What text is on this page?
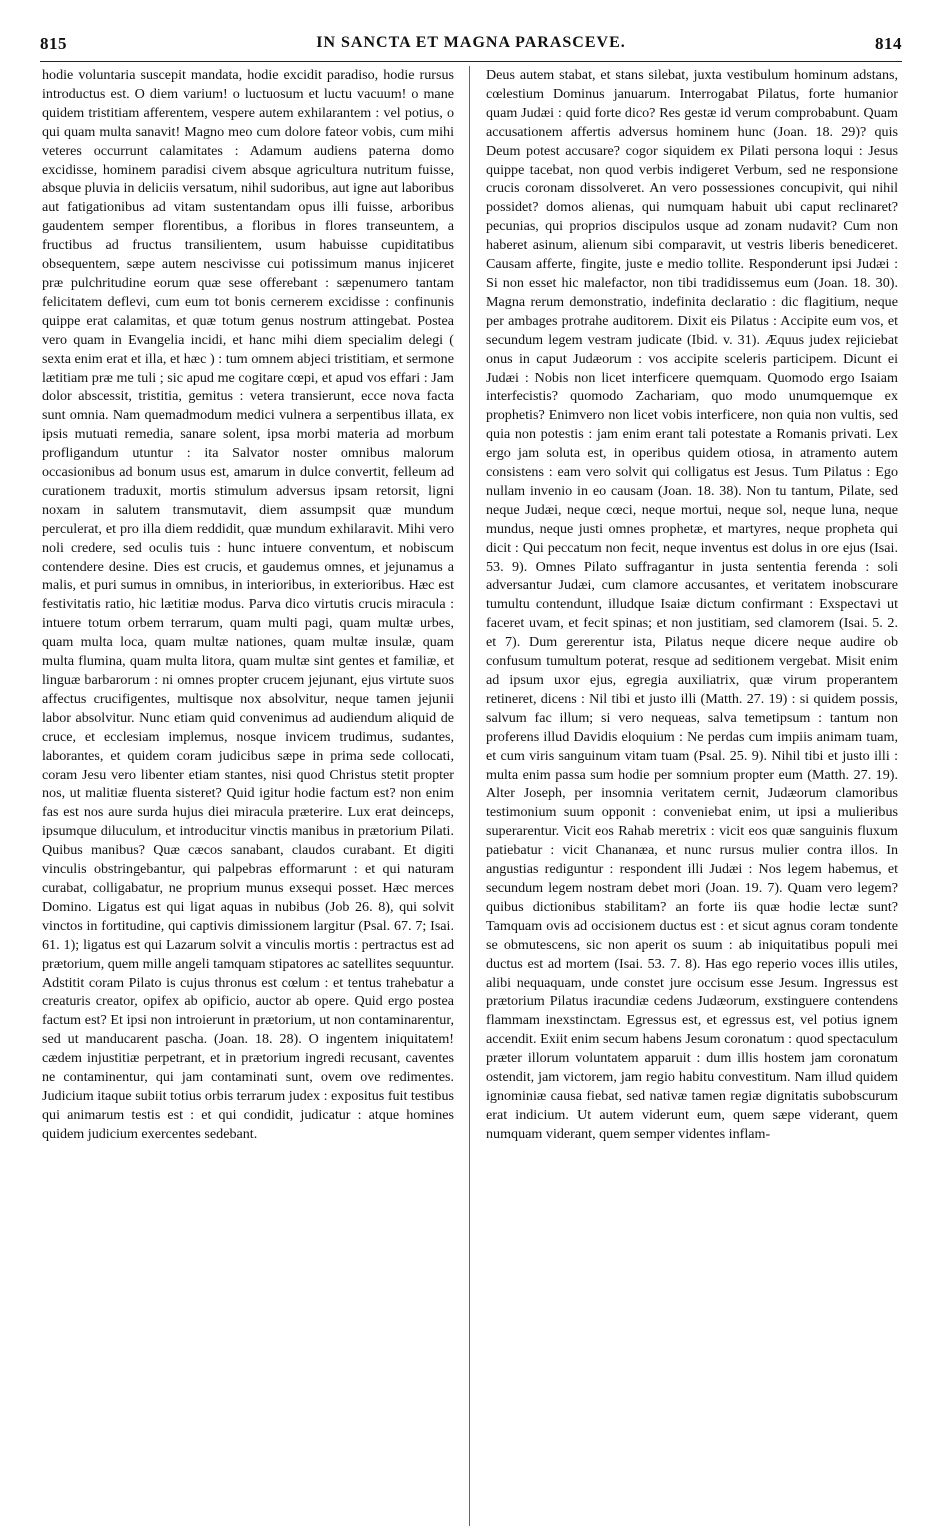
815	IN SANCTA ET MAGNA PARASCEVE.	814

hodie voluntaria suscepit mandata, hodie excidit paradiso, hodie rursus introductus est. O diem varium! o luctuosum et luctu vacuum! o mane quidem tristitiam afferentem, vespere autem exhilarantem : vel potius, o qui quam multa sanavit! Magno meo cum dolore fateor vobis, cum mihi veteres occurrunt calamitates : Adamum audiens paterna domo excidisse, hominem paradisi civem absque agricultura nutritum fuisse, absque pluvia in deliciis versatum, nihil sudoribus, aut igne aut laboribus aut fatigationibus ad vitam sustentandam opus illi fuisse, arboribus gaudentem semper florentibus, a floribus in flores transeuntem, a fructibus ad fructus transilientem, usum habuisse cupiditatibus obsequentem, sæpe autem nescivisse cui potissimum manus injiceret præ pulchritudine eorum quæ sese offerebant : sæpenumero tantam felicitatem deflevi, cum eum tot bonis cernerem excidisse : confinunis quippe erat calamitas, et quæ totum genus nostrum attingebat. Postea vero quam in Evangelia incidi, et hanc mihi diem specialim delegi ( sexta enim erat et illa, et hæc ) : tum omnem abjeci tristitiam, et sermone lætitiam præ me tuli ; sic apud me cogitare cœpi, et apud vos effari : Jam dolor abscessit, tristitia, gemitus : vetera transierunt, ecce nova facta sunt omnia. Nam quemadmodum medici vulnera a serpentibus illata, ex ipsis mutuati remedia, sanare solent, ipsa morbi materia ad morbum profligandum utuntur : ita Salvator noster omnibus malorum occasionibus ad bonum usus est, amarum in dulce convertit, felleum ad curationem traduxit, mortis stimulum adversus ipsam retorsit, ligni noxam in salutem transmutavit, diem assumpsit quæ mundum perculerat, et pro illa diem reddidit, quæ mundum exhilaravit. Mihi vero noli credere, sed oculis tuis : hunc intuere conventum, et nobiscum contendere desine. Dies est crucis, et gaudemus omnes, et jejunamus a malis, et puri sumus in omnibus, in interioribus, in exterioribus. Hæc est festivitatis ratio, hic lætitiæ modus. Parva dico virtutis crucis miracula : intuere totum orbem terrarum, quam multi pagi, quam multæ urbes, quam multa loca, quam multæ nationes, quam multæ insulæ, quam multa flumina, quam multa litora, quam multæ sint gentes et familiæ, et linguæ barbarorum : ni omnes propter crucem jejunant, ejus virtute suos affectus crucifigentes, multisque nox absolvitur, neque tamen jejunii labor absolvitur. Nunc etiam quid convenimus ad audiendum aliquid de cruce, et ecclesiam implemus, nosque invicem trudimus, sudantes, laborantes, et quidem coram judicibus sæpe in prima sede collocati, coram Jesu vero libenter etiam stantes, nisi quod Christus stetit propter nos, ut malitiæ fluenta sisteret? Quid igitur hodie factum est? non enim fas est nos aure surda hujus diei miracula præterire. Lux erat deinceps, ipsumque diluculum, et introducitur vinctis manibus in prætorium Pilati. Quibus manibus? Quæ cæcos sanabant, claudos curabant. Et digiti vinculis obstringebantur, qui palpebras efformarunt : et qui naturam curabat, colligabatur, ne proprium munus exsequi posset. Hæc merces Domino. Ligatus est qui ligat aquas in nubibus (Job 26. 8), qui solvit vinctos in fortitudine, qui captivis dimissionem largitur (Psal. 67. 7; Isai. 61. 1); ligatus est qui Lazarum solvit a vinculis mortis : pertractus est ad prætorium, quem mille angeli tamquam stipatores ac satellites sequuntur. Adstitit coram Pilato is cujus thronus est cœlum : et tentus trahebatur a creaturis creator, opifex ab opificio, auctor ab opere. Quid ergo postea factum est? Et ipsi non introierunt in prætorium, ut non contaminarentur, sed ut manducarent pascha. (Joan. 18. 28). O ingentem iniquitatem! cædem injustitiæ perpetrant, et in prætorium ingredi recusant, caventes ne contaminentur, qui jam contaminati sunt, ovem ove redimentes. Judicium itaque subiit totius orbis terrarum judex : expositus fuit testibus qui animarum testis est : et qui condidit, judicatur : atque homines quidem judicium exercentes sedebant.

Deus autem stabat, et stans silebat, juxta vestibulum hominum adstans, cœlestium Dominus januarum. Interrogabat Pilatus, forte humanior quam Judæi : quid forte dico? Res gestæ id verum comprobabunt. Quam accusationem affertis adversus hominem hunc (Joan. 18. 29)? quis Deum potest accusare? cogor siquidem ex Pilati persona loqui : Jesus quippe tacebat, non quod verbis indigeret Verbum, sed ne responsione crucis coronam dissolveret. An vero possessiones concupivit, qui nihil possidet? domos alienas, qui numquam habuit ubi caput reclinaret? pecunias, qui proprios discipulos usque ad zonam nudavit? Cum non haberet asinum, alienum sibi comparavit, ut vestris liberis benediceret. Causam afferte, fingite, juste e medio tollite. Responderunt ipsi Judæi : Si non esset hic malefactor, non tibi tradidissemus eum (Joan. 18. 30). Magna rerum demonstratio, indefinita declaratio : dic flagitium, neque per ambages protrahe auditorem. Dixit eis Pilatus : Accipite eum vos, et secundum legem vestram judicate (Ibid. v. 31). Æquus judex rejiciebat onus in caput Judæorum : vos accipite sceleris participem. Dicunt ei Judæi : Nobis non licet interficere quemquam. Quomodo ergo Isaiam interfecistis? quomodo Zachariam, quo modo unumquemque ex prophetis? Enimvero non licet vobis interficere, non quia non vultis, sed quia non potestis : jam enim erant tali potestate a Romanis privati. Lex ergo jam soluta est, in operibus quidem otiosa, in atramento autem consistens : eam vero solvit qui colligatus est Jesus. Tum Pilatus : Ego nullam invenio in eo causam (Joan. 18. 38). Non tu tantum, Pilate, sed neque Judæi, neque cœci, neque mortui, neque sol, neque luna, neque mundus, neque justi omnes prophetæ, et martyres, neque propheta qui dicit : Qui peccatum non fecit, neque inventus est dolus in ore ejus (Isai. 53. 9). Omnes Pilato suffragantur in justa sententia ferenda : soli adversantur Judæi, cum clamore accusantes, et veritatem inobscurare tumultu contendunt, illudque Isaiæ dictum confirmant : Exspectavi ut faceret uvam, et fecit spinas; et non justitiam, sed clamorem (Isai. 5. 2. et 7). Dum gererentur ista, Pilatus neque dicere neque audire ob confusum tumultum poterat, resque ad seditionem vergebat. Misit enim ad ipsum uxor ejus, egregia auxiliatrix, quæ virum properantem retineret, dicens : Nil tibi et justo illi (Matth. 27. 19) : si quidem possis, salvum fac illum; si vero nequeas, salva temetipsum : tantum non proferens illud Davidis eloquium : Ne perdas cum impiis animam tuam, et cum viris sanguinum vitam tuam (Psal. 25. 9). Nihil tibi et justo illi : multa enim passa sum hodie per somnium propter eum (Matth. 27. 19). Alter Joseph, per insomnia veritatem cernit, Judæorum clamoribus testimonium suum opponit : conveniebat enim, ut ipsi a mulieribus superarentur. Vicit eos Rahab meretrix : vicit eos quæ sanguinis fluxum patiebatur : vicit Chananæa, et nunc rursus mulier contra illos. In angustias rediguntur : respondent illi Judæi : Nos legem habemus, et secundum legem nostram debet mori (Joan. 19. 7). Quam vero legem? quibus dictionibus stabilitam? an forte iis quæ hodie lectæ sunt? Tamquam ovis ad occisionem ductus est : et sicut agnus coram tondente se obmutescens, sic non aperit os suum : ab iniquitatibus populi mei ductus est ad mortem (Isai. 53. 7. 8). Has ego reperio voces illis utiles, alibi nequaquam, unde constet jure occisum esse Jesum. Ingressus est prætorium Pilatus iracundiæ cedens Judæorum, exstinguere contendens flammam inexstinctam. Egressus est, et egressus est, vel potius ignem accendit. Exiit enim secum habens Jesum coronatum : quod spectaculum præter illorum voluntatem apparuit : dum illis hostem jam coronatum ostendit, jam victorem, jam regio habitu convestitum. Nam illud quidem ignominiæ causa fiebat, sed nativæ tamen regiæ dignitatis subobscurum erat indicium. Ut autem viderunt eum, quem sæpe viderant, quem numquam viderant, quem semper videntes inflam-
